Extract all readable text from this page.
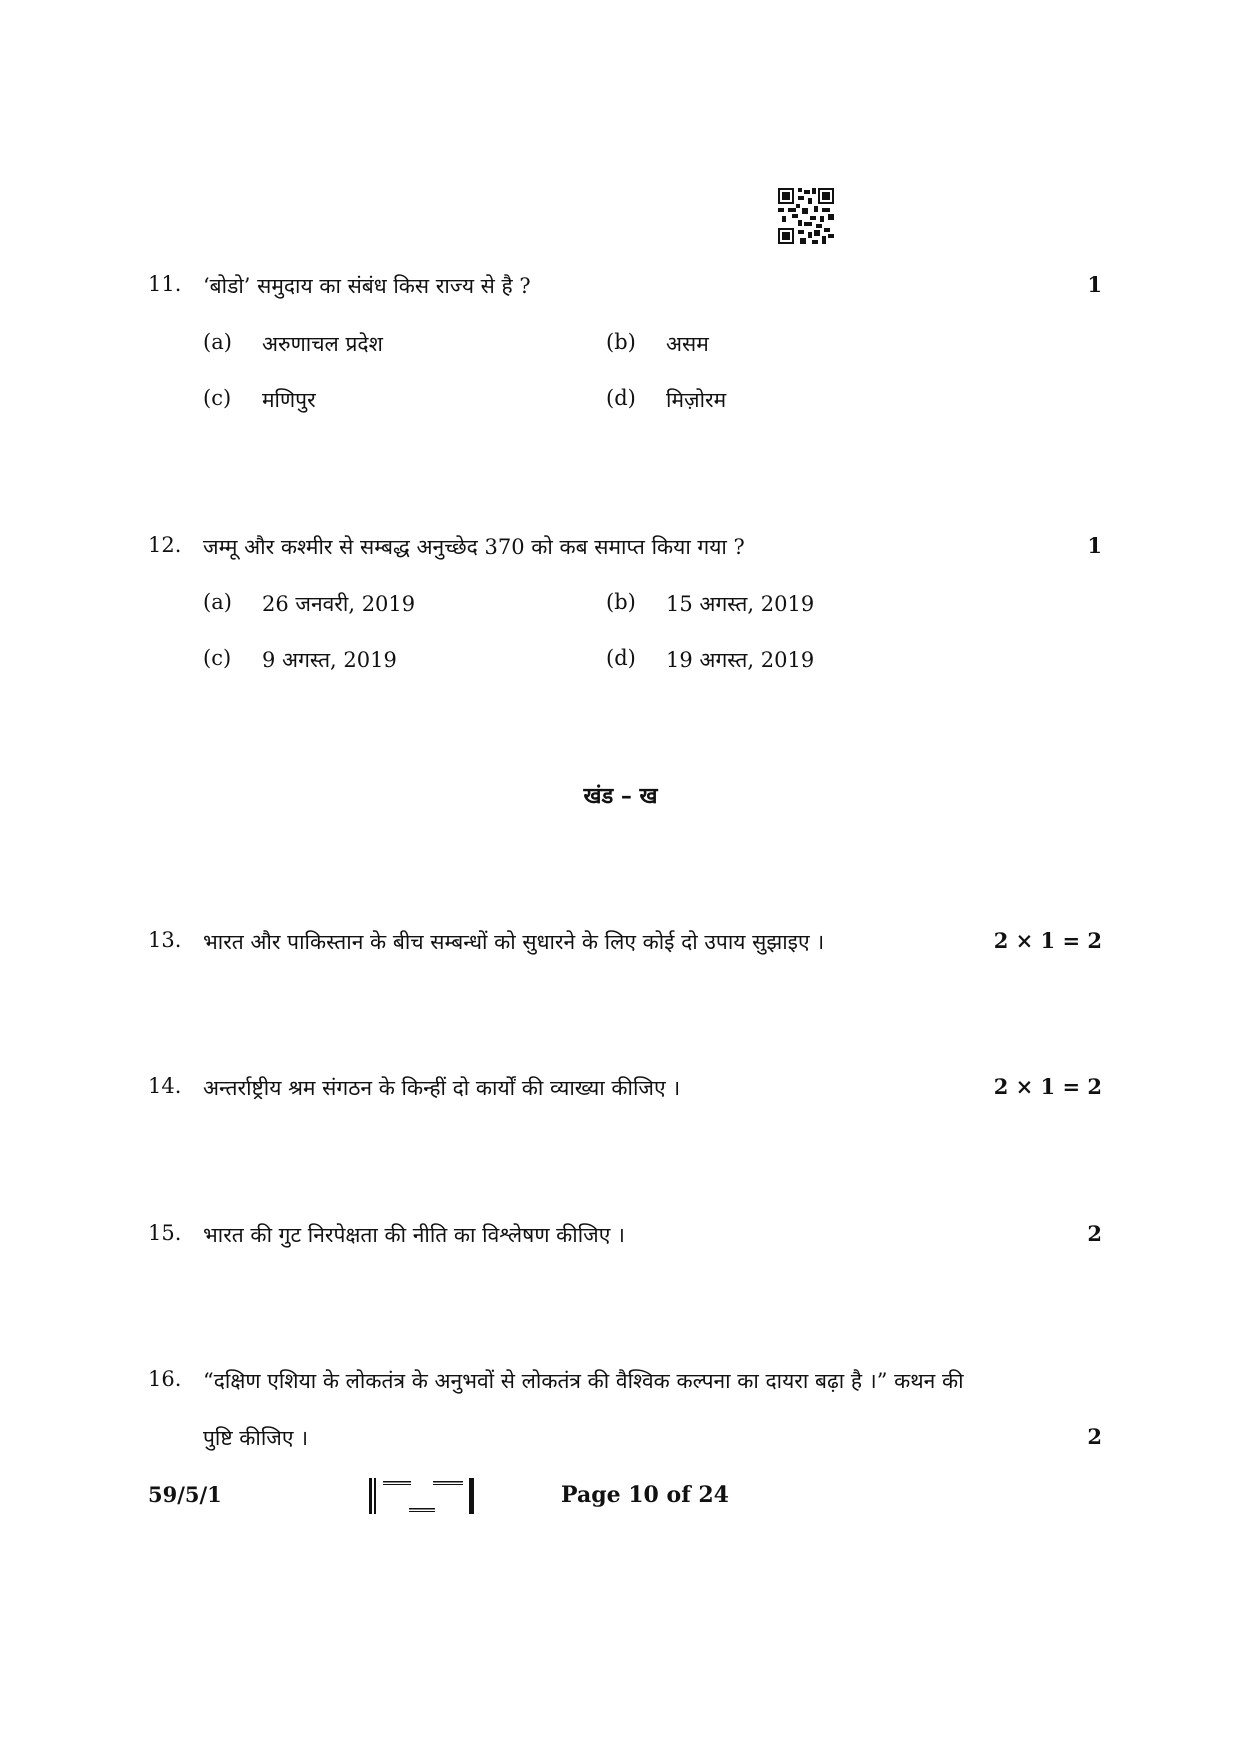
11.	‘बोडो’ समुदाय का संबंध किस राज्य से है ?	1
(a) अरुणाचल प्रदेश	(b) असम
(c) मणिपुर	(d) मिज़ोरम
12.	जम्मू और कश्मीर से सम्बद्ध अनुच्छेद 370 को कब समाप्त किया गया ?	1
(a) 26 जनवरी, 2019	(b) 15 अगस्त, 2019
(c) 9 अगस्त, 2019	(d) 19 अगस्त, 2019
खंड – ख
13.	भारत और पाकिस्तान के बीच सम्बन्धों को सुधारने के लिए कोई दो उपाय सुझाइए ।	2 × 1 = 2
14.	अन्तर्राष्ट्रीय श्रम संगठन के किन्हीं दो कार्यों की व्याख्या कीजिए ।	2 × 1 = 2
15.	भारत की गुट निरपेक्षता की नीति का विश्लेषण कीजिए ।	2
16.	“दक्षिण एशिया के लोकतंत्र के अनुभवों से लोकतंत्र की वैश्विक कल्पना का दायरा बढ़ा है ।” कथन की
पुष्टि कीजिए ।	2
59/5/1	Page 10 of 24
